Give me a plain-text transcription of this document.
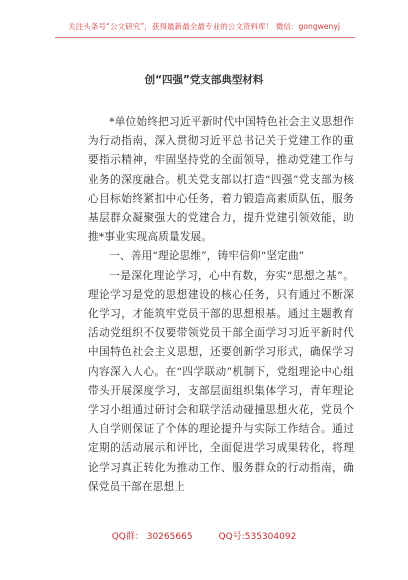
关注头条号“公文研究”，获得最新最全最专业的公文资料库！ 微信：gongwenyj
创“四强”党支部典型材料

*单位始终把习近平新时代中国特色社会主义思想作为行动指南，深入贯彻习近平总书记关于党建工作的重要指示精神，牢固坚持党的全面领导，推动党建工作与业务的深度融合。机关党支部以打造“四强”党支部为核心目标始终紧扣中心任务，着力锻造高素质队伍，服务基层群众凝聚强大的党建合力，提升党建引领效能，助推*事业实现高质量发展。

一、善用“理论思维”，铸牢信仰“坚定曲”

一是深化理论学习，心中有数，夯实“思想之基”。理论学习是党的思想建设的核心任务，只有通过不断深化学习，才能筑牢党员干部的思想根基。通过主题教育活动党组织不仅要带领党员干部全面学习习近平新时代中国特色社会主义思想，还要创新学习形式，确保学习内容深入人心。在“四学联动”机制下，党组理论中心组带头开展深度学习，支部层面组织集体学习，青年理论学习小组通过研讨会和联学活动碰撞思想火花，党员个人自学则保证了个体的理论提升与实际工作结合。通过定期的活动展示和评比，全面促进学习成果转化，将理论学习真正转化为推动工作、服务群众的行动指南，确保党员干部在思想上

QQ群： 30265665	QQ号:535304092
